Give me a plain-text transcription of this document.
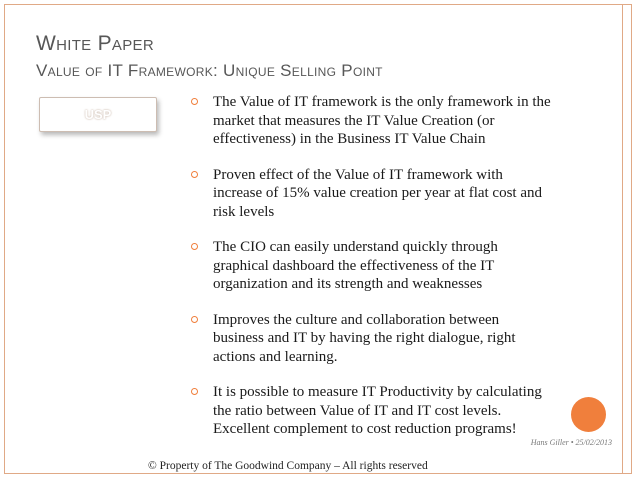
White Paper
Value of IT Framework: Unique Selling Point
USP
The Value of IT framework is the only framework in the market that measures the IT Value Creation (or effectiveness) in the Business IT Value Chain
Proven effect of the Value of IT framework with increase of 15% value creation per year at flat cost and risk levels
The CIO can easily understand quickly through graphical dashboard the effectiveness of the IT organization and its strength and weaknesses
Improves the culture and collaboration between business and IT by having the right dialogue, right actions and learning.
It is possible to measure IT Productivity by calculating the ratio between Value of IT and IT cost levels. Excellent complement to cost reduction programs!
Hans Giller • 25/02/2013
© Property of The Goodwind Company – All rights reserved
